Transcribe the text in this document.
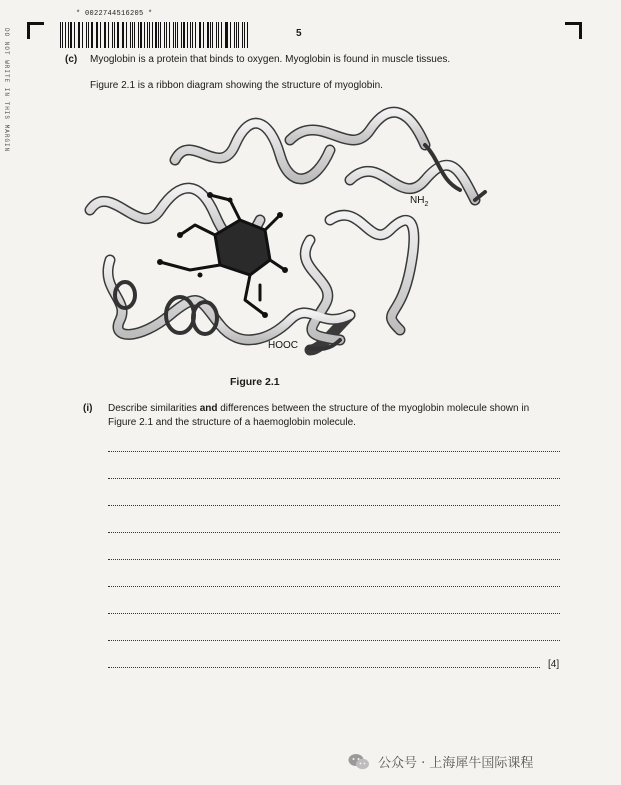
DO NOT WRITE IN THIS MARGIN
* 0022744516205 *
5
(c) Myoglobin is a protein that binds to oxygen. Myoglobin is found in muscle tissues.
Figure 2.1 is a ribbon diagram showing the structure of myoglobin.
$NH_2$
HOOC
Figure 2.1
(i) Describe similarities and differences between the structure of the myoglobin molecule shown in Figure 2.1 and the structure of a haemoglobin molecule.
[4]
公众号 · 上海犀牛国际课程
